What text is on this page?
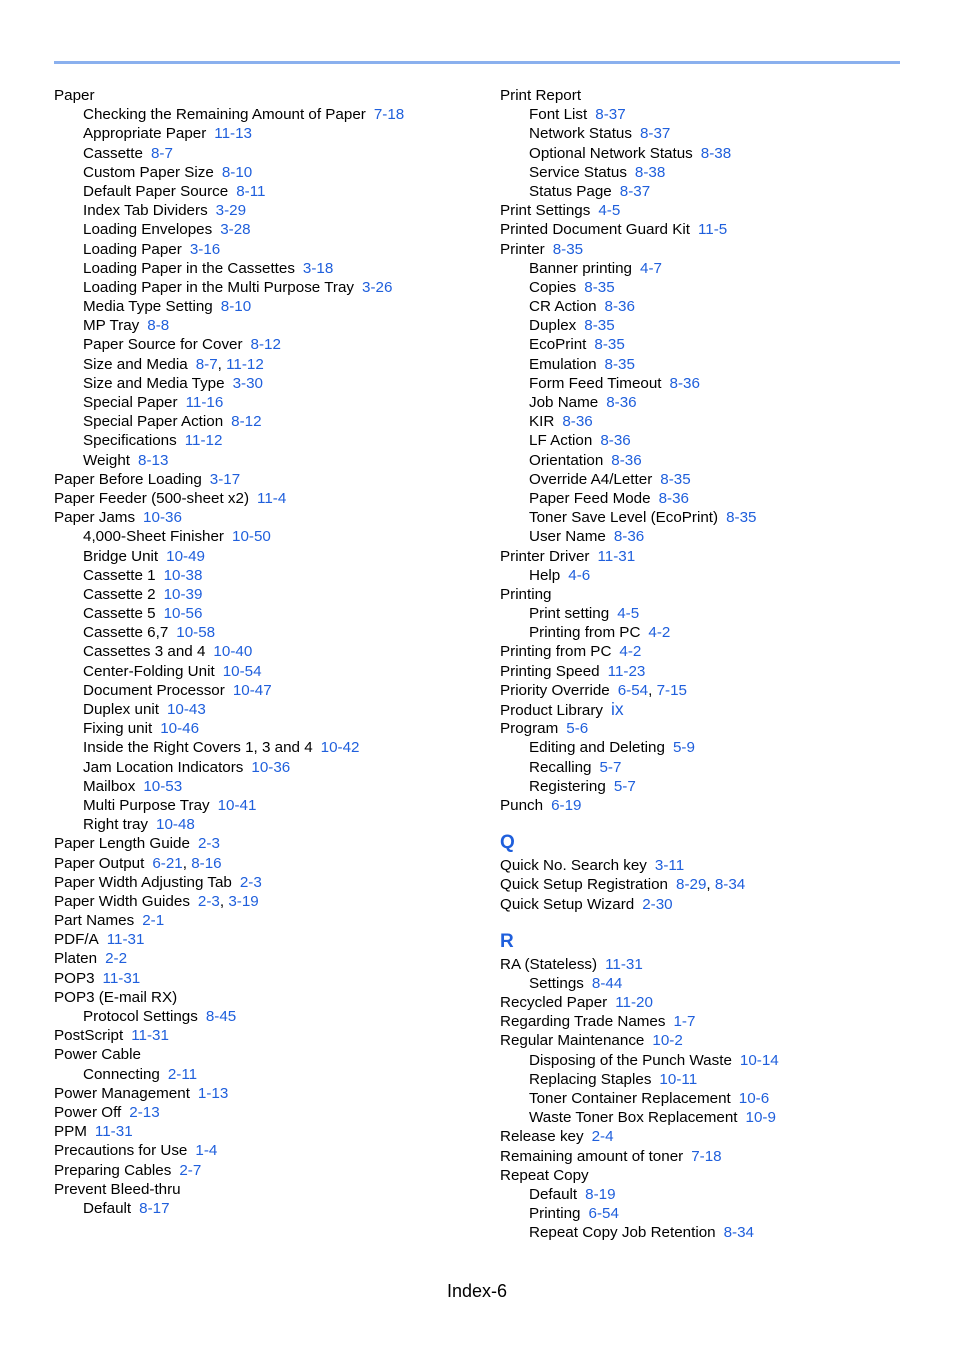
Paper
Checking the Remaining Amount of Paper 7-18
Appropriate Paper 11-13
Cassette 8-7
Custom Paper Size 8-10
Default Paper Source 8-11
Index Tab Dividers 3-29
Loading Envelopes 3-28
Loading Paper 3-16
Loading Paper in the Cassettes 3-18
Loading Paper in the Multi Purpose Tray 3-26
Media Type Setting 8-10
MP Tray 8-8
Paper Source for Cover 8-12
Size and Media 8-7, 11-12
Size and Media Type 3-30
Special Paper 11-16
Special Paper Action 8-12
Specifications 11-12
Weight 8-13
Paper Before Loading 3-17
Paper Feeder (500-sheet x2) 11-4
Paper Jams 10-36
4,000-Sheet Finisher 10-50
Bridge Unit 10-49
Cassette 1 10-38
Cassette 2 10-39
Cassette 5 10-56
Cassette 6,7 10-58
Cassettes 3 and 4 10-40
Center-Folding Unit 10-54
Document Processor 10-47
Duplex unit 10-43
Fixing unit 10-46
Inside the Right Covers 1, 3 and 4 10-42
Jam Location Indicators 10-36
Mailbox 10-53
Multi Purpose Tray 10-41
Right tray 10-48
Paper Length Guide 2-3
Paper Output 6-21, 8-16
Paper Width Adjusting Tab 2-3
Paper Width Guides 2-3, 3-19
Part Names 2-1
PDF/A 11-31
Platen 2-2
POP3 11-31
POP3 (E-mail RX)
Protocol Settings 8-45
PostScript 11-31
Power Cable
Connecting 2-11
Power Management 1-13
Power Off 2-13
PPM 11-31
Precautions for Use 1-4
Preparing Cables 2-7
Prevent Bleed-thru
Default 8-17
Print Report
Font List 8-37
Network Status 8-37
Optional Network Status 8-38
Service Status 8-38
Status Page 8-37
Print Settings 4-5
Printed Document Guard Kit 11-5
Printer 8-35
Banner printing 4-7
Copies 8-35
CR Action 8-36
Duplex 8-35
EcoPrint 8-35
Emulation 8-35
Form Feed Timeout 8-36
Job Name 8-36
KIR 8-36
LF Action 8-36
Orientation 8-36
Override A4/Letter 8-35
Paper Feed Mode 8-36
Toner Save Level (EcoPrint) 8-35
User Name 8-36
Printer Driver 11-31
Help 4-6
Printing
Print setting 4-5
Printing from PC 4-2
Printing from PC 4-2
Printing Speed 11-23
Priority Override 6-54, 7-15
Product Library ix
Program 5-6
Editing and Deleting 5-9
Recalling 5-7
Registering 5-7
Punch 6-19
Q
Quick No. Search key 3-11
Quick Setup Registration 8-29, 8-34
Quick Setup Wizard 2-30
R
RA (Stateless) 11-31
Settings 8-44
Recycled Paper 11-20
Regarding Trade Names 1-7
Regular Maintenance 10-2
Disposing of the Punch Waste 10-14
Replacing Staples 10-11
Toner Container Replacement 10-6
Waste Toner Box Replacement 10-9
Release key 2-4
Remaining amount of toner 7-18
Repeat Copy
Default 8-19
Printing 6-54
Repeat Copy Job Retention 8-34
Index-6
